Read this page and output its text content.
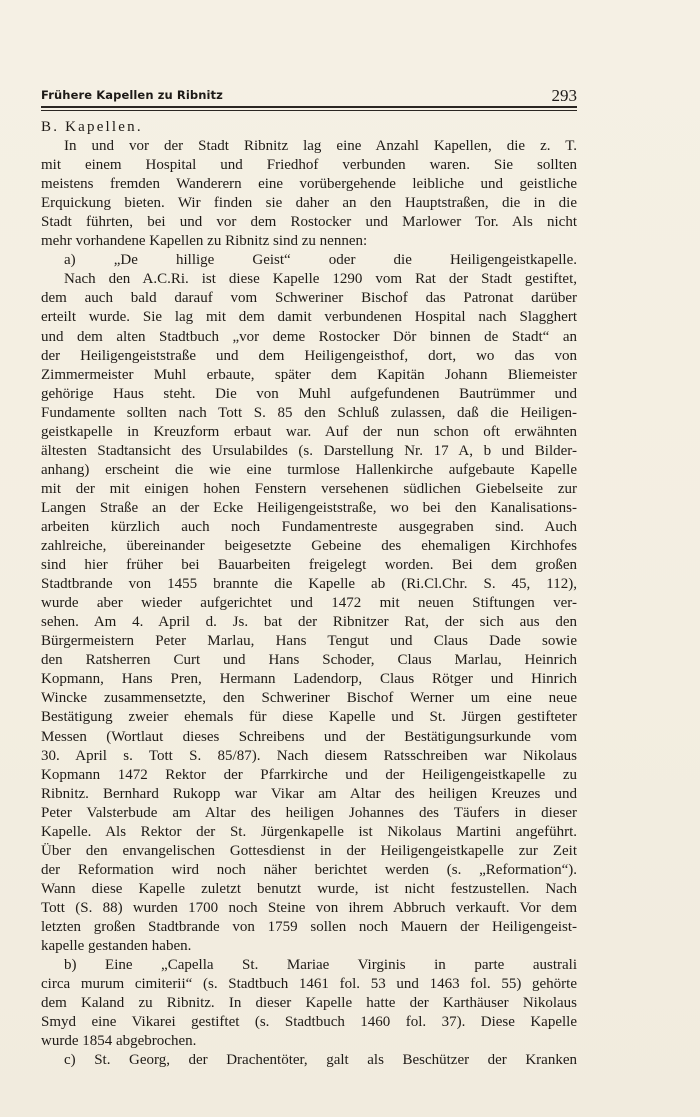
Frühere Kapellen zu Ribnitz	293
B. Kapellen.
In und vor der Stadt Ribnitz lag eine Anzahl Kapellen, die z. T.
mit einem Hospital und Friedhof verbunden waren. Sie sollten
meistens fremden Wanderern eine vorübergehende leibliche und geistliche
Erquickung bieten. Wir finden sie daher an den Hauptstraßen, die in die
Stadt führten, bei und vor dem Rostocker und Marlower Tor. Als nicht
mehr vorhandene Kapellen zu Ribnitz sind zu nennen:
a) „De hillige Geist“ oder die Heiligengeistkapelle.
Nach den A.C.Ri. ist diese Kapelle 1290 vom Rat der Stadt gestiftet,
dem auch bald darauf vom Schweriner Bischof das Patronat darüber
erteilt wurde. Sie lag mit dem damit verbundenen Hospital nach Slagghert
und dem alten Stadtbuch „vor deme Rostocker Dör binnen de Stadt“ an
der Heiligengeiststraße und dem Heiligengeisthof, dort, wo das von
Zimmermeister Muhl erbaute, später dem Kapitän Johann Bliemeister
gehörige Haus steht. Die von Muhl aufgefundenen Bautrümmer und
Fundamente sollten nach Tott S. 85 den Schluß zulassen, daß die Heiligen-
geistkapelle in Kreuzform erbaut war. Auf der nun schon oft erwähnten
ältesten Stadtansicht des Ursulabildes (s. Darstellung Nr. 17 A, b und Bilder-
anhang) erscheint die wie eine turmlose Hallenkirche aufgebaute Kapelle
mit der mit einigen hohen Fenstern versehenen südlichen Giebelseite zur
Langen Straße an der Ecke Heiligengeiststraße, wo bei den Kanalisations-
arbeiten kürzlich auch noch Fundamentreste ausgegraben sind. Auch
zahlreiche, übereinander beigesetzte Gebeine des ehemaligen Kirchhofes
sind hier früher bei Bauarbeiten freigelegt worden. Bei dem großen
Stadtbrande von 1455 brannte die Kapelle ab (Ri.Cl.Chr. S. 45, 112),
wurde aber wieder aufgerichtet und 1472 mit neuen Stiftungen ver-
sehen. Am 4. April d. Js. bat der Ribnitzer Rat, der sich aus den
Bürgermeistern Peter Marlau, Hans Tengut und Claus Dade sowie
den Ratsherren Curt und Hans Schoder, Claus Marlau, Heinrich
Kopmann, Hans Pren, Hermann Ladendorp, Claus Rötger und Hinrich
Wincke zusammensetzte, den Schweriner Bischof Werner um eine neue
Bestätigung zweier ehemals für diese Kapelle und St. Jürgen gestifteter
Messen (Wortlaut dieses Schreibens und der Bestätigungsurkunde vom
30. April s. Tott S. 85/87). Nach diesem Ratsschreiben war Nikolaus
Kopmann 1472 Rektor der Pfarrkirche und der Heiligengeistkapelle zu
Ribnitz. Bernhard Rukopp war Vikar am Altar des heiligen Kreuzes und
Peter Valsterbude am Altar des heiligen Johannes des Täufers in dieser
Kapelle. Als Rektor der St. Jürgenkapelle ist Nikolaus Martini angeführt.
Über den envangelischen Gottesdienst in der Heiligengeistkapelle zur Zeit
der Reformation wird noch näher berichtet werden (s. „Reformation“).
Wann diese Kapelle zuletzt benutzt wurde, ist nicht festzustellen. Nach
Tott (S. 88) wurden 1700 noch Steine von ihrem Abbruch verkauft. Vor dem
letzten großen Stadtbrande von 1759 sollen noch Mauern der Heiligengeist-
kapelle gestanden haben.
b) Eine „Capella St. Mariae Virginis in parte australi
circa murum cimiterii“ (s. Stadtbuch 1461 fol. 53 und 1463 fol. 55) gehörte
dem Kaland zu Ribnitz. In dieser Kapelle hatte der Karthäuser Nikolaus
Smyd eine Vikarei gestiftet (s. Stadtbuch 1460 fol. 37). Diese Kapelle
wurde 1854 abgebrochen.
c) St. Georg, der Drachentöter, galt als Beschützer der Kranken
